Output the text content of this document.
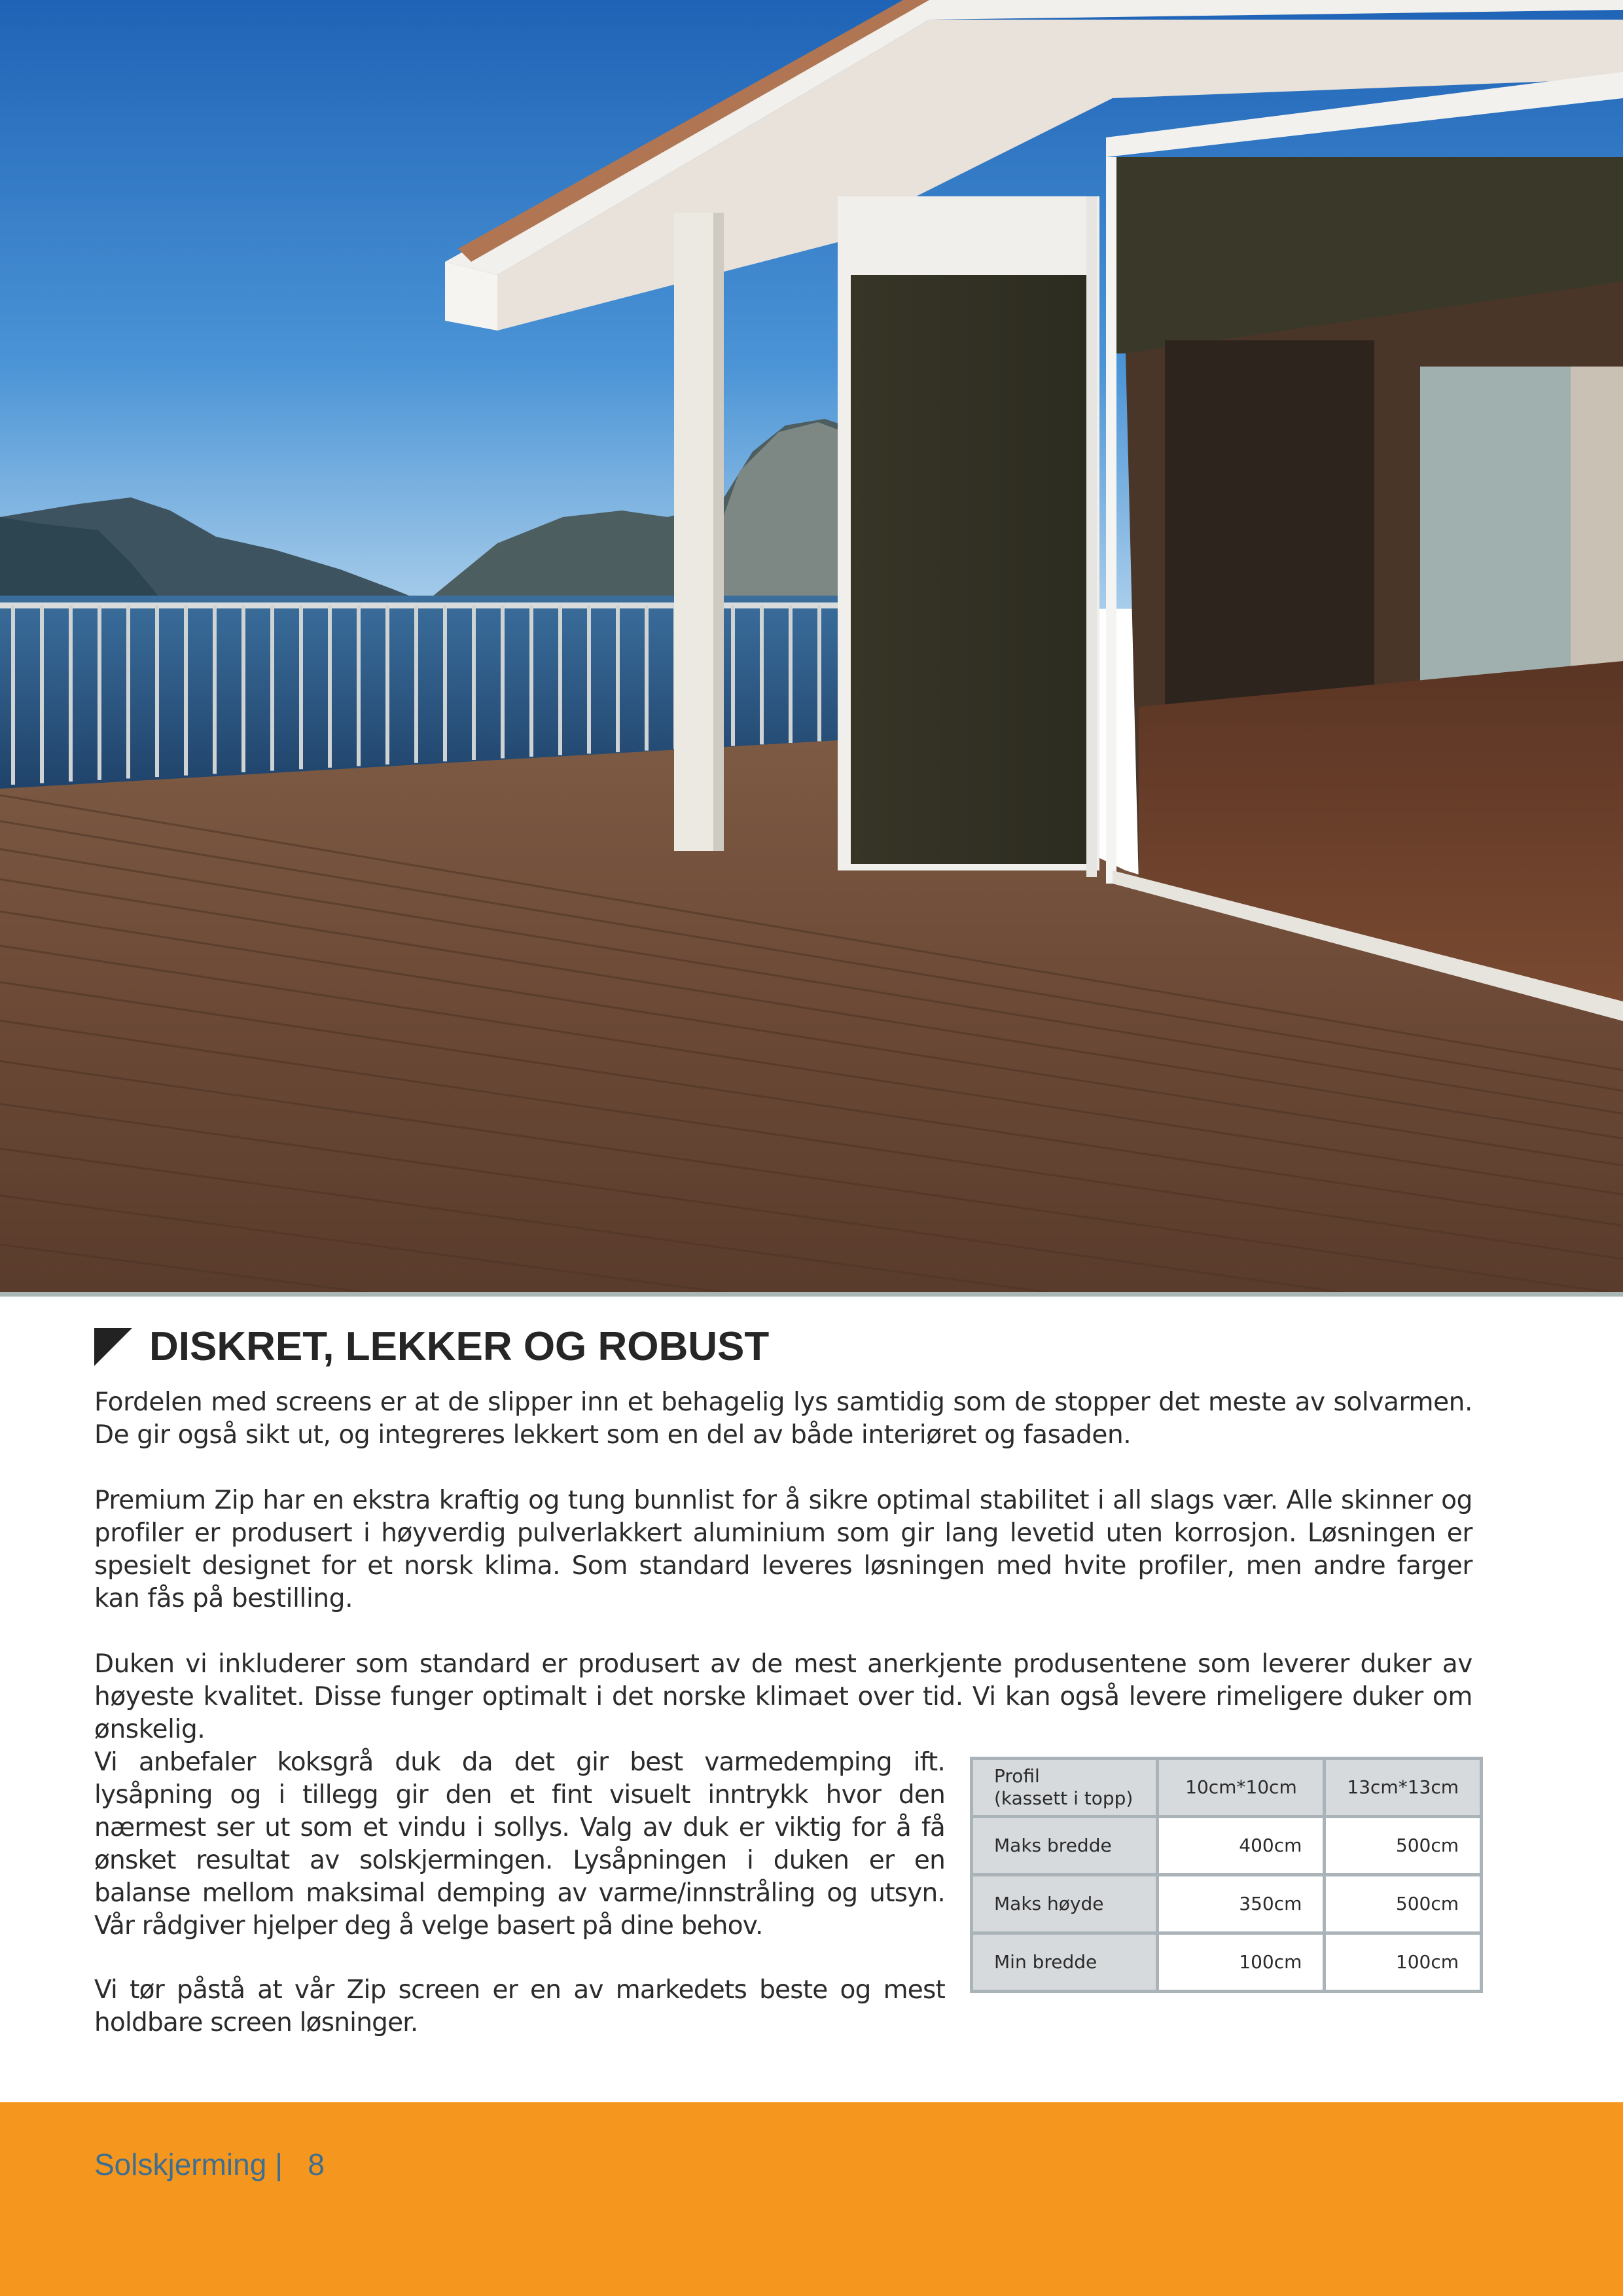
DISKRET, LEKKER OG ROBUST

Fordelen med screens er at de slipper inn et behagelig lys samtidig som de stopper det meste av solvarmen. De gir også sikt ut, og integreres lekkert som en del av både interiøret og fasaden.

Premium Zip har en ekstra kraftig og tung bunnlist for å sikre optimal stabilitet i all slags vær. Alle skinner og profiler er produsert i høyverdig pulverlakkert aluminium som gir lang levetid uten korrosjon. Løsningen er spesielt designet for et norsk klima. Som standard leveres løsningen med hvite profiler, men andre farger kan fås på bestilling.

Duken vi inkluderer som standard er produsert av de mest anerkjente produsentene som leverer duker av høyeste kvalitet. Disse funger optimalt i det norske klimaet over tid. Vi kan også levere rimeligere duker om ønskelig.

Vi anbefaler koksgrå duk da det gir best varmedemping ift. lysåpning og i tillegg gir den et fint visuelt inntrykk hvor den nærmest ser ut som et vindu i sollys. Valg av duk er viktig for å få ønsket resultat av solskjermingen. Lysåpningen i duken er en balanse mellom maksimal demping av varme/innstråling og utsyn. Vår rådgiver hjelper deg å velge basert på dine behov.

Vi tør påstå at vår Zip screen er en av markedets beste og mest holdbare screen løsninger.

Profil
(kassett i topp)	10cm*10cm	13cm*13cm
Maks bredde	400cm	500cm
Maks høyde	350cm	500cm
Min bredde	100cm	100cm
Solskjerming | 8
